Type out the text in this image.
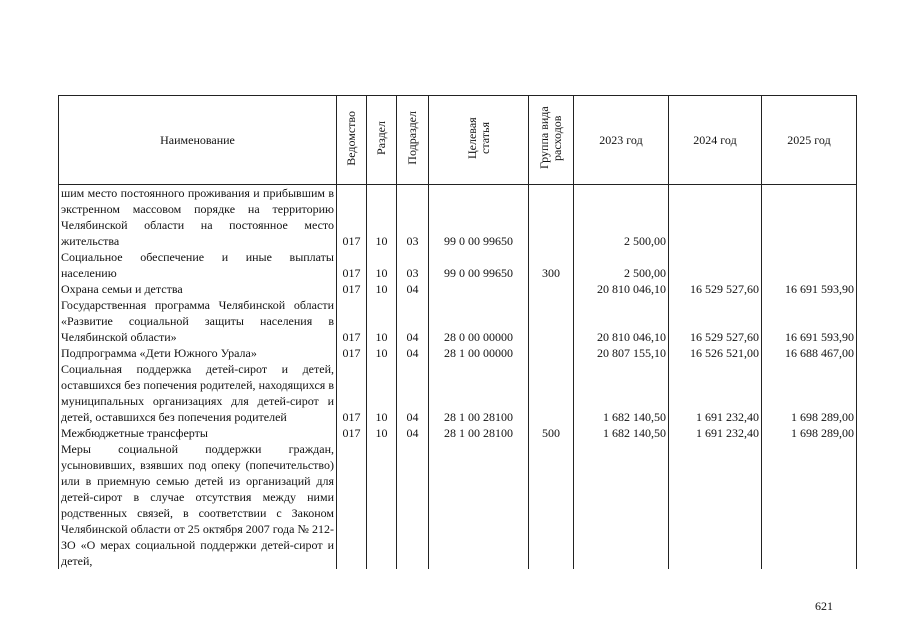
Наименование	Ведомство	Раздел	Подраздел	Целевая статья	Группа вида расходов	2023 год	2024 год	2025 год
шим место постоянного проживания и прибывшим в экстренном массовом порядке на территорию Челябинской области на постоянное место жительства	017	10	03	99 0 00 99650		2 500,00		
Социальное обеспечение и иные выплаты населению	017	10	03	99 0 00 99650	300	2 500,00		
Охрана семьи и детства	017	10	04			20 810 046,10	16 529 527,60	16 691 593,90
Государственная программа Челябинской области «Развитие социальной защиты населения в Челябинской области»	017	10	04	28 0 00 00000		20 810 046,10	16 529 527,60	16 691 593,90
Подпрограмма «Дети Южного Урала»	017	10	04	28 1 00 00000		20 807 155,10	16 526 521,00	16 688 467,00
Социальная поддержка детей-сирот и детей, оставшихся без попечения родителей, находящихся в муниципальных организациях для детей-сирот и детей, оставшихся без попечения родителей	017	10	04	28 1 00 28100		1 682 140,50	1 691 232,40	1 698 289,00
Межбюджетные трансферты	017	10	04	28 1 00 28100	500	1 682 140,50	1 691 232,40	1 698 289,00
Меры социальной поддержки граждан, усыновивших, взявших под опеку (попечительство) или в приемную семью детей из организаций для детей-сирот в случае отсутствия между ними родственных связей, в соответствии с Законом Челябинской области от 25 октября 2007 года № 212-ЗО «О мерах социальной поддержки детей-сирот и детей,								
621
